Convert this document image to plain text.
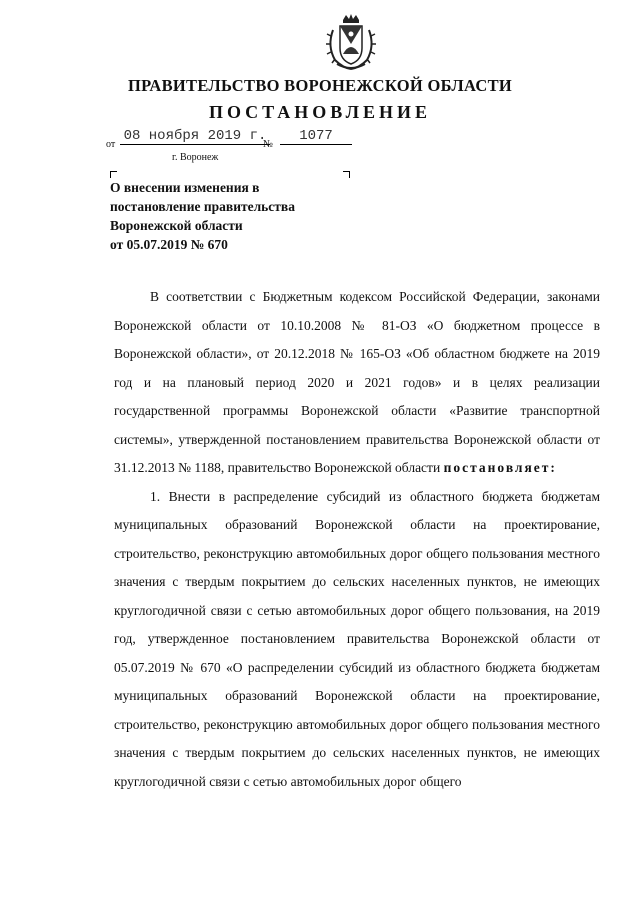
ПРАВИТЕЛЬСТВО ВОРОНЕЖСКОЙ ОБЛАСТИ
ПОСТАНОВЛЕНИЕ
от
08 ноября 2019 г.
№
1077
г. Воронеж
О внесении изменения в
постановление правительства
Воронежской области
от 05.07.2019 № 670

В соответствии с Бюджетным кодексом Российской Федерации, законами Воронежской области от 10.10.2008 № 81-ОЗ «О бюджетном процессе в Воронежской области», от 20.12.2018 № 165-ОЗ «Об областном бюджете на 2019 год и на плановый период 2020 и 2021 годов» и в целях реализации государственной программы Воронежской области «Развитие транспортной системы», утвержденной постановлением правительства Воронежской области от 31.12.2013 № 1188, правительство Воронежской области постановляет:

1. Внести в распределение субсидий из областного бюджета бюджетам муниципальных образований Воронежской области на проектирование, строительство, реконструкцию автомобильных дорог общего пользования местного значения с твердым покрытием до сельских населенных пунктов, не имеющих круглогодичной связи с сетью автомобильных дорог общего пользования, на 2019 год, утвержденное постановлением правительства Воронежской области от 05.07.2019 № 670 «О распределении субсидий из областного бюджета бюджетам муниципальных образований Воронежской области на проектирование, строительство, реконструкцию автомобильных дорог общего пользования местного значения с твердым покрытием до сельских населенных пунктов, не имеющих круглогодичной связи с сетью автомобильных дорог общего
